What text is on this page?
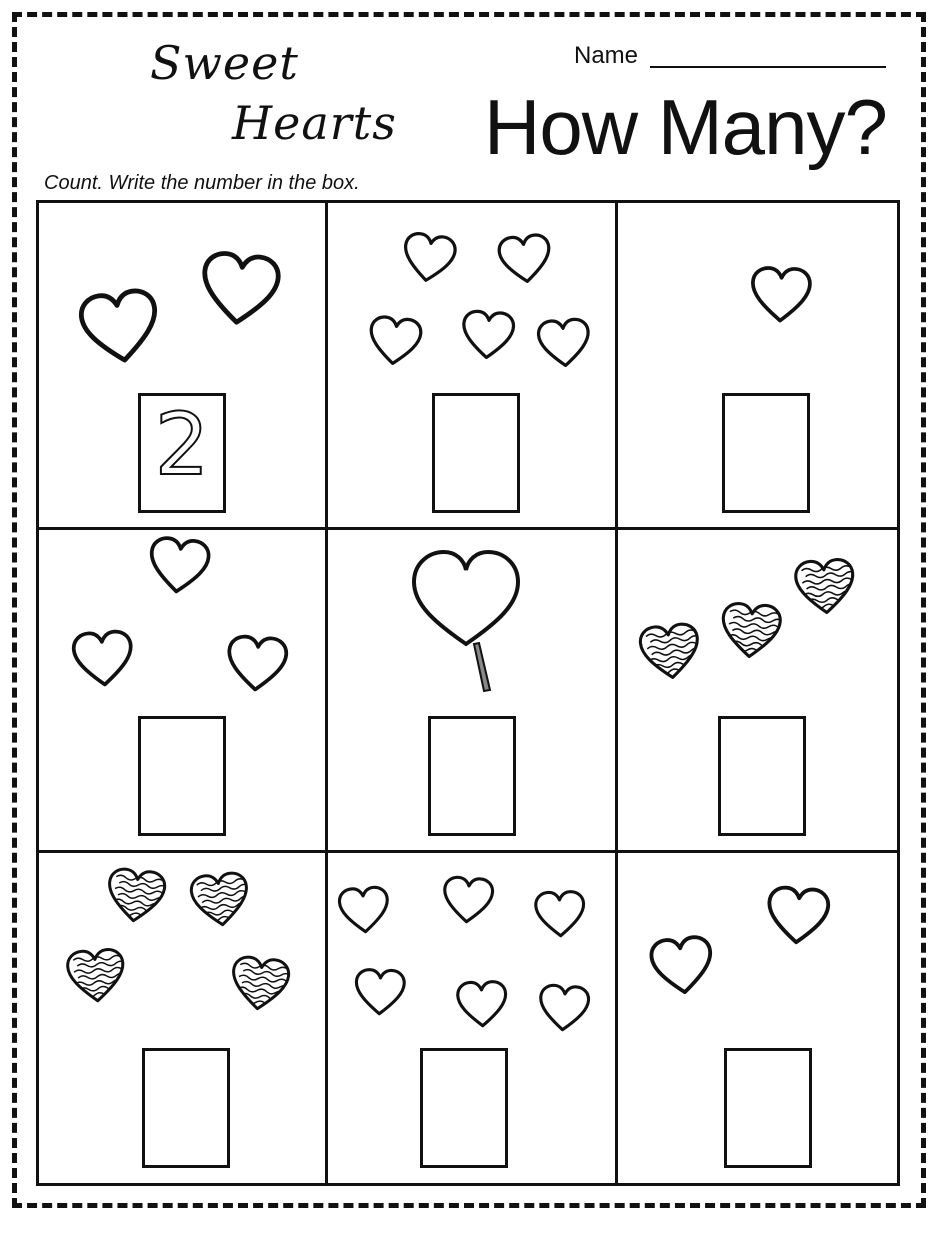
Sweet
Hearts How Many?
Name
Count. Write the number in the box.
2
